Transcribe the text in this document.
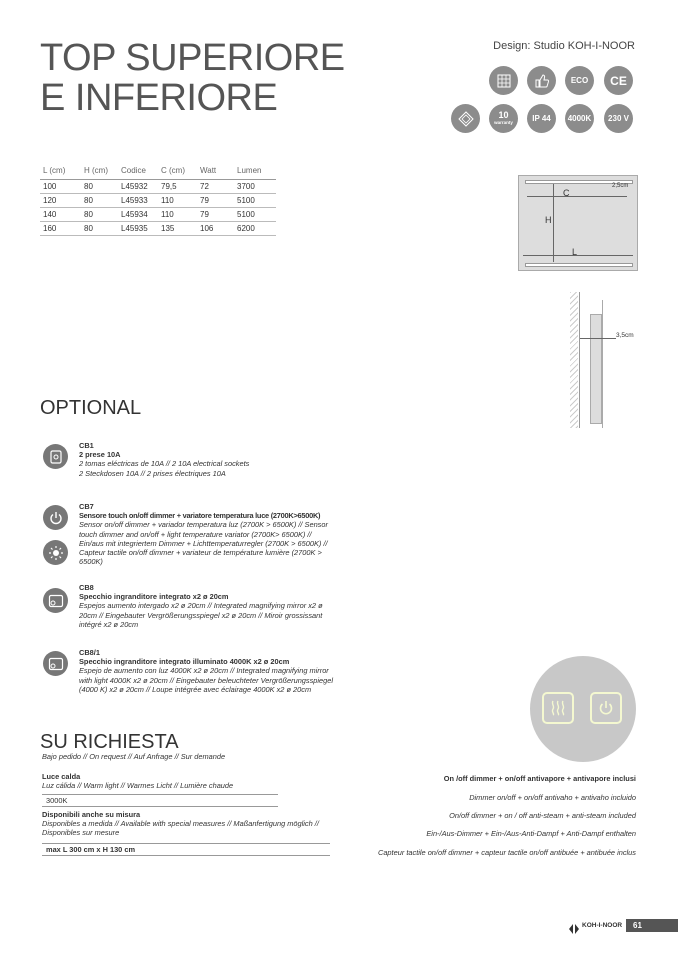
TOP SUPERIORE
E INFERIORE
Design: Studio KOH-I-NOOR
ECO CE
10
warranty IP 44 4000K 230 V
L (cm)	H (cm)	Codice	C (cm)	Watt	Lumen
100	80	L45932	79,5	72	3700
120	80	L45933	110	79	5100
140	80	L45934	110	79	5100
160	80	L45935	135	106	6200
C
H
L
2,5cm
3,5cm
OPTIONAL
CB1
2 prese 10A
2 tomas eléctricas de 10A // 2 10A electrical sockets
2 Steckdosen 10A // 2 prises électriques 10A
CB7
Sensore touch on/off dimmer + variatore temperatura luce (2700K>6500K)
Sensor on/off dimmer + variador temperatura luz (2700K > 6500K) // Sensor touch dimmer and on/off + light temperature variator (2700K> 6500K) // Ein/aus mit integriertem Dimmer + Lichttemperaturregler (2700K > 6500K) // Capteur tactile on/off dimmer + variateur de température lumière (2700K > 6500K)
CB8
Specchio ingranditore integrato x2 ø 20cm
Espejos aumento intergado x2 ø 20cm // Integrated magnifying mirror x2 ø 20cm // Eingebauter Vergrößerungsspiegel x2 ø 20cm // Miroir grossissant intégré x2 ø 20cm
CB8/1
Specchio ingranditore integrato illuminato 4000K x2 ø 20cm
Espejo de aumento con luz 4000K x2 ø 20cm // Integrated magnifying mirror with light 4000K x2 ø 20cm // Eingebauter beleuchteter Vergrößerungsspiegel (4000 K) x2 ø 20cm // Loupe intégrée avec éclairage 4000K x2 ø 20cm
SU RICHIESTA
Bajo pedido // On request // Auf Anfrage // Sur demande
Luce calda
Luz cálida // Warm light // Warmes Licht // Lumière chaude
3000K
Disponibili anche su misura
Disponibles a medida // Available with special measures // Maßanfertigung möglich // Disponibles sur mesure
max L 300 cm x H 130 cm
On /off dimmer + on/off antivapore + antivapore inclusi
Dimmer on/off + on/off antivaho + antivaho incluido
On/off dimmer + on / off anti-steam + anti-steam included
Ein-/Aus-Dimmer + Ein-/Aus-Anti-Dampf + Anti-Dampf enthalten
Capteur tactile on/off dimmer + capteur tactile on/off antibuée + antibuée inclus
KOH-I-NOOR 61
